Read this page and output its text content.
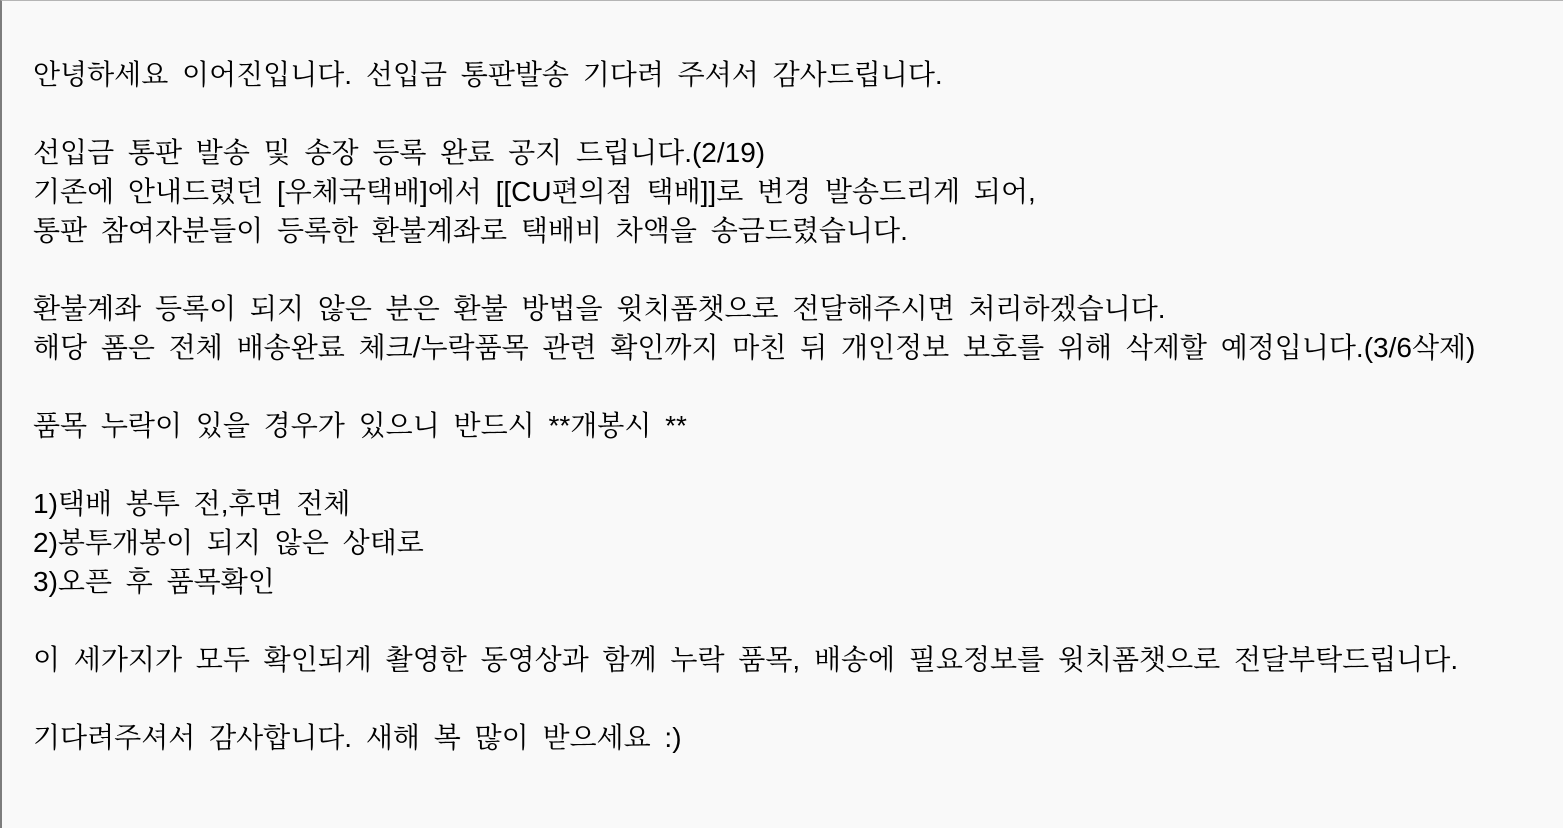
안녕하세요 이어진입니다. 선입금 통판발송 기다려 주셔서 감사드립니다.
선입금 통판 발송 및 송장 등록 완료 공지 드립니다.(2/19)
기존에 안내드렸던 [우체국택배]에서 [[CU편의점 택배]]로 변경 발송드리게 되어,
통판 참여자분들이 등록한 환불계좌로 택배비 차액을 송금드렸습니다.
환불계좌 등록이 되지 않은 분은 환불 방법을 윗치폼챗으로 전달해주시면 처리하겠습니다.
해당 폼은 전체 배송완료 체크/누락품목 관련 확인까지 마친 뒤 개인정보 보호를 위해 삭제할 예정입니다.(3/6삭제)
품목 누락이 있을 경우가 있으니 반드시 **개봉시 **
1)택배 봉투 전,후면 전체
2)봉투개봉이 되지 않은 상태로
3)오픈 후 품목확인
이 세가지가 모두 확인되게 촬영한 동영상과 함께 누락 품목, 배송에 필요정보를 윗치폼챗으로 전달부탁드립니다.
기다려주셔서 감사합니다. 새해 복 많이 받으세요 :)
